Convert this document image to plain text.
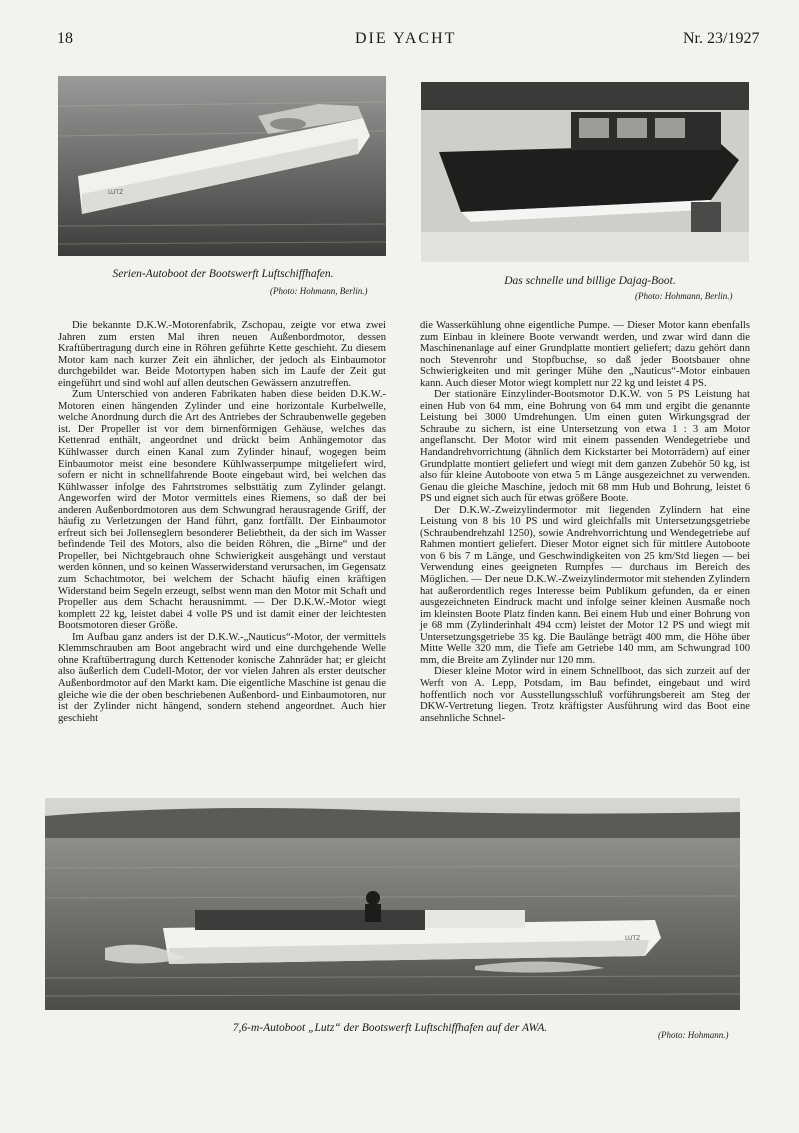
18	DIE YACHT	Nr. 23/1927
LUTZ
Serien-Autoboot der Bootswerft Luftschiffhafen.
(Photo: Hohmann, Berlin.)
Das schnelle und billige Dajag-Boot.
(Photo: Hohmann, Berlin.)

Die bekannte D.K.W.-Motorenfabrik, Zschopau, zeigte vor etwa zwei Jahren zum ersten Mal ihren neuen Außenbordmotor, dessen Kraftübertragung durch eine in Röhren geführte Kette geschieht. Zu diesem Motor kam nach kurzer Zeit ein ähnlicher, der jedoch als Einbaumotor durchgebildet war. Beide Motortypen haben sich im Laufe der Zeit gut eingeführt und sind wohl auf allen deutschen Gewässern anzutreffen.

Zum Unterschied von anderen Fabrikaten haben diese beiden D.K.W.-Motoren einen hängenden Zylinder und eine horizontale Kurbelwelle, welche Anordnung durch die Art des Antriebes der Schraubenwelle gegeben ist. Der Propeller ist vor dem birnenförmigen Gehäuse, welches das Kettenrad enthält, angeordnet und drückt beim Anhängemotor das Kühlwasser durch einen Kanal zum Zylinder hinauf, wogegen beim Einbaumotor meist eine besondere Kühlwasserpumpe mitgeliefert wird, sofern er nicht in schnellfahrende Boote eingebaut wird, bei welchen das Kühlwasser infolge des Fahrtstromes selbsttätig zum Zylinder gelangt. Angeworfen wird der Motor vermittels eines Riemens, so daß der bei anderen Außenbordmotoren aus dem Schwungrad herausragende Griff, der häufig zu Verletzungen der Hand führt, ganz fortfällt. Der Einbaumotor erfreut sich bei Jollenseglern besonderer Beliebtheit, da der sich im Wasser befindende Teil des Motors, also die beiden Röhren, die „Birne“ und der Propeller, bei Nichtgebrauch ohne Schwierigkeit ausgehängt und verstaut werden können, und so keinen Wasserwiderstand verursachen, im Gegensatz zum Schachtmotor, bei welchem der Schacht häufig einen kräftigen Widerstand beim Segeln erzeugt, selbst wenn man den Motor mit Schaft und Propeller aus dem Schacht herausnimmt. — Der D.K.W.-Motor wiegt komplett 22 kg, leistet dabei 4 volle PS und ist damit einer der leichtesten Bootsmotoren dieser Größe.

Im Aufbau ganz anders ist der D.K.W.-„Nauticus“-Motor, der vermittels Klemmschrauben am Boot angebracht wird und eine durchgehende Welle ohne Kraftübertragung durch Kettenoder konische Zahnräder hat; er gleicht also äußerlich dem Cudell-Motor, der vor vielen Jahren als erster deutscher Außenbordmotor auf den Markt kam. Die eigentliche Maschine ist genau die gleiche wie die der oben beschriebenen Außenbord- und Einbaumotoren, nur ist der Zylinder nicht hängend, sondern stehend angeordnet. Auch hier geschieht

die Wasserkühlung ohne eigentliche Pumpe. — Dieser Motor kann ebenfalls zum Einbau in kleinere Boote verwandt werden, und zwar wird dann die Maschinenanlage auf einer Grundplatte montiert geliefert; dazu gehört dann noch Stevenrohr und Stopfbuchse, so daß jeder Bootsbauer ohne Schwierigkeiten und mit geringer Mühe den „Nauticus“-Motor einbauen kann. Auch dieser Motor wiegt komplett nur 22 kg und leistet 4 PS.

Der stationäre Einzylinder-Bootsmotor D.K.W. von 5 PS Leistung hat einen Hub von 64 mm, eine Bohrung von 64 mm und ergibt die genannte Leistung bei 3000 Umdrehungen. Um einen guten Wirkungsgrad der Schraube zu sichern, ist eine Untersetzung von etwa 1 : 3 am Motor angeflanscht. Der Motor wird mit einem passenden Wendegetriebe und Handandrehvorrichtung (ähnlich dem Kickstarter bei Motorrädern) auf einer Grundplatte montiert geliefert und wiegt mit dem ganzen Zubehör 50 kg, ist also für kleine Autoboote von etwa 5 m Länge ausgezeichnet zu verwenden. Genau die gleiche Maschine, jedoch mit 68 mm Hub und Bohrung, leistet 6 PS und eignet sich auch für etwas größere Boote.

Der D.K.W.-Zweizylindermotor mit liegenden Zylindern hat eine Leistung von 8 bis 10 PS und wird gleichfalls mit Untersetzungsgetriebe (Schraubendrehzahl 1250), sowie Andrehvorrichtung und Wendegetriebe auf Rahmen montiert geliefert. Dieser Motor eignet sich für mittlere Autoboote von 6 bis 7 m Länge, und Geschwindigkeiten von 25 km/Std liegen — bei Verwendung eines geeigneten Rumpfes — durchaus im Bereich des Möglichen. — Der neue D.K.W.-Zweizylindermotor mit stehenden Zylindern hat außerordentlich reges Interesse beim Publikum gefunden, da er einen ausgezeichneten Eindruck macht und infolge seiner kleinen Ausmaße noch im kleinsten Boote Platz finden kann. Bei einem Hub und einer Bohrung von je 68 mm (Zylinderinhalt 494 ccm) leistet der Motor 12 PS und wiegt mit Untersetzungsgetriebe 35 kg. Die Baulänge beträgt 400 mm, die Höhe über Mitte Welle 320 mm, die Tiefe am Getriebe 140 mm, am Schwungrad 100 mm, die Breite am Zylinder nur 120 mm.

Dieser kleine Motor wird in einem Schnellboot, das sich zurzeit auf der Werft von A. Lepp, Potsdam, im Bau befindet, eingebaut und wird hoffentlich noch vor Ausstellungsschluß vorführungsbereit am Steg der DKW-Vertretung liegen. Trotz kräftigster Ausführung wird das Boot eine ansehnliche Schnel-

LUTZ
7,6-m-Autoboot „Lutz“ der Bootswerft Luftschiffhafen auf der AWA.
(Photo: Hohmann.)
